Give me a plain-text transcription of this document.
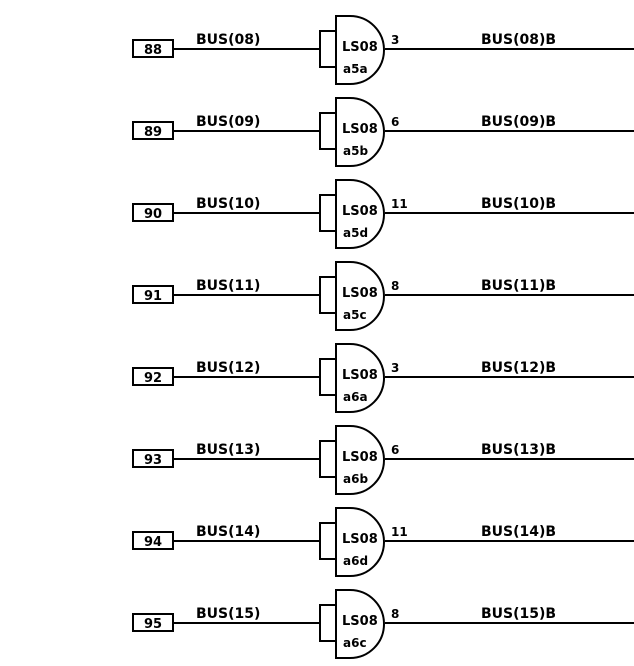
88
BUS(08)	LS08
a5a
3	BUS(08)B
89
BUS(09)	LS08
a5b
6	BUS(09)B
90
BUS(10)	LS08
a5d
11	BUS(10)B
91
BUS(11)	LS08
a5c
8	BUS(11)B
92
BUS(12)	LS08
a6a
3	BUS(12)B
93
BUS(13)	LS08
a6b
6	BUS(13)B
94
BUS(14)	LS08
a6d
11	BUS(14)B
95
BUS(15)	LS08
a6c
8	BUS(15)B
